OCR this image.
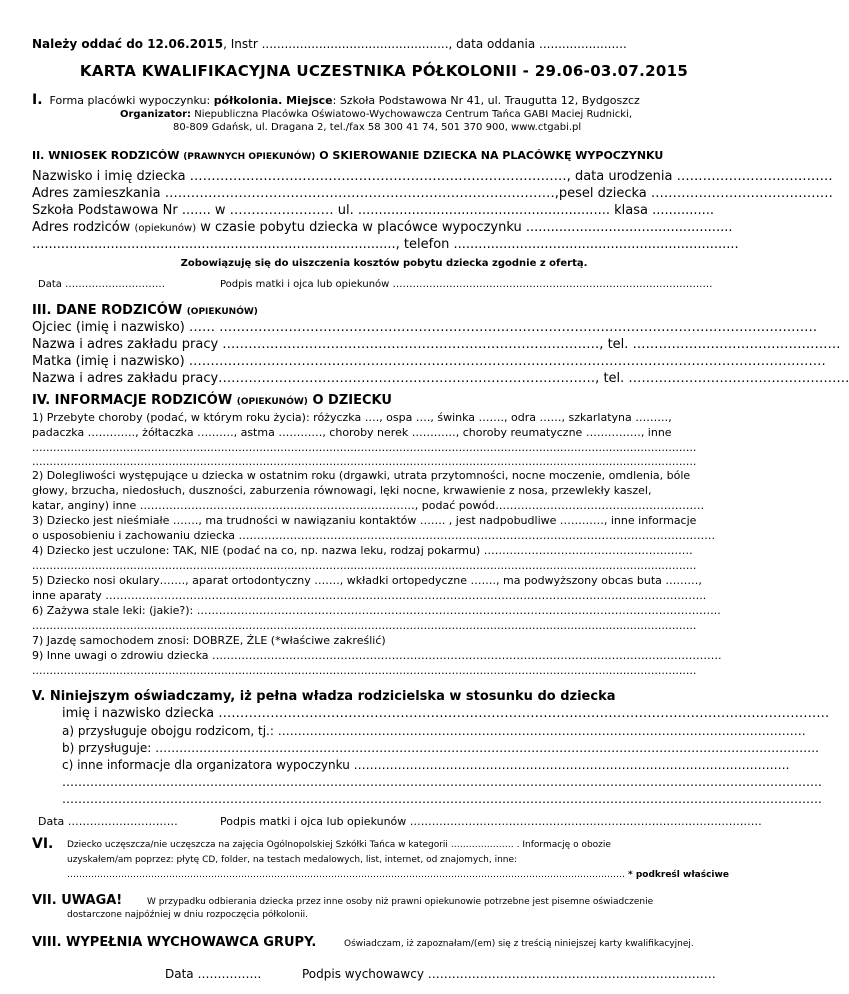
Należy oddać do 12.06.2015, Instr ................................................., data oddania .......................
KARTA KWALIFIKACYJNA UCZESTNIKA PÓŁKOLONII - 29.06-03.07.2015
I. Forma placówki wypoczynku: półkolonia. Miejsce: Szkoła Podstawowa Nr 41, ul. Traugutta 12, Bydgoszcz
Organizator: Niepubliczna Placówka Oświatowo-Wychowawcza Centrum Tańca GABI Maciej Rudnicki,
80-809 Gdańsk, ul. Dragana 2, tel./fax 58 300 41 74, 501 370 900, www.ctgabi.pl
II. WNIOSEK RODZICÓW (PRAWNYCH OPIEKUNÓW) O SKIEROWANIE DZIECKA NA PLACÓWKĘ WYPOCZYNKU
Nazwisko i imię dziecka ……………………………………………………………………………, data urodzenia ………………………………
Adres zamieszkania ………………………………………………………………………………,pesel dziecka ……………………………………
Szkoła Podstawowa Nr ....... w …………………… ul. ............................................................. klasa ...............
Adres rodziców (opiekunów) w czasie pobytu dziecka w placówce wypoczynku ..................................................
........................................................................................, telefon .....................................................................
Zobowiązuję się do uiszczenia kosztów pobytu dziecka zgodnie z ofertą.
Data …………………………	Podpis matki i ojca lub opiekunów ……………………………………………………………………………………
III. DANE RODZICÓW (OPIEKUNÓW)
Ojciec (imię i nazwisko) …… …………………………………………………………………………………………………………………………
Nazwa i adres zakładu pracy ……………………………………………………………………………, tel. …………………………………………
Matka (imię i nazwisko) …………………………………………………………………………………………………………………………………
Nazwa i adres zakładu pracy……………………………………………………………………………, tel. ……………………………………………
IV. INFORMACJE RODZICÓW (OPIEKUNÓW) O DZIECKU
1) Przebyte choroby (podać, w którym roku życia): różyczka …., ospa …., świnka ……., odra ……, szkarlatyna ………,
padaczka …………., żółtaczka ………., astma …………, choroby nerek …………, choroby reumatyczne ……………, inne
..............................................................................................................................................................................................
..............................................................................................................................................................................................
2) Dolegliwości występujące u dziecka w ostatnim roku (drgawki, utrata przytomności, nocne moczenie, omdlenia, bóle
głowy, brzucha, niedosłuch, duszności, zaburzenia równowagi, lęki nocne, krwawienie z nosa, przewlekły kaszel,
katar, anginy) inne …………………………………………………………………, podać powód…………………………………………………
3) Dziecko jest nieśmiałe ……., ma trudności w nawiązaniu kontaktów ……. , jest nadpobudliwe …………, inne informacje
o usposobieniu i zachowaniu dziecka ………………………………………………………………………………………………………………….
4) Dziecko jest uczulone: TAK, NIE (podać na co, np. nazwa leku, rodzaj pokarmu) …………………………………………………
..............................................................................................................................................................................................
5) Dziecko nosi okulary……., aparat ortodontyczny ……., wkładki ortopedyczne ……., ma podwyższony obcas buta ………,
inne aparaty ………………………………………………………………………………………………………………………………………………..
6) Zażywa stale leki: (jakie?): ……………………………………………………………………………………………………………………………..
..............................................................................................................................................................................................
7) Jazdę samochodem znosi: DOBRZE, ŹLE (*właściwe zakreślić)
9) Inne uwagi o zdrowiu dziecka ………………………………………………………………………………………………………………………….
..............................................................................................................................................................................................
V. Niniejszym oświadczamy, iż pełna władza rodzicielska w stosunku do dziecka
imię i nazwisko dziecka ……………………………………………………………………………………………………………………………
a) przysługuje obojgu rodzicom, tj.: ……………………………………………………………………………………………………………………
b) przysługuje: ………………………………………………………………………………………………………………………………………………….
c) inne informacje dla organizatora wypoczynku ……………………………………………………………………………………………….
……………………………………………………………………………………………………………………………………………………………………….
……………………………………………………………………………………………………………………………………………………………………….
Data …………………………	Podpis matki i ojca lub opiekunów ……………………………………………………………………………………
VI. Dziecko uczęszcza/nie uczęszcza na zajęcia Ogólnopolskiej Szkółki Tańca w kategorii ………………… . Informację o obozie
uzyskałem/am poprzez: płytę CD, folder, na testach medalowych, list, internet, od znajomych, inne:
…………………………………………………………………………………………………………………………………………………………………… * podkreśl właściwe
VII. UWAGA!	W przypadku odbierania dziecka przez inne osoby niż prawni opiekunowie potrzebne jest pisemne oświadczenie
dostarczone najpóźniej w dniu rozpoczęcia półkolonii.
VIII. WYPEŁNIA WYCHOWAWCA GRUPY.	Oświadczam, iż zapoznałam/(em) się z treścią niniejszej karty kwalifikacyjnej.
Data …………….	Podpis wychowawcy ………………………………………………………………
